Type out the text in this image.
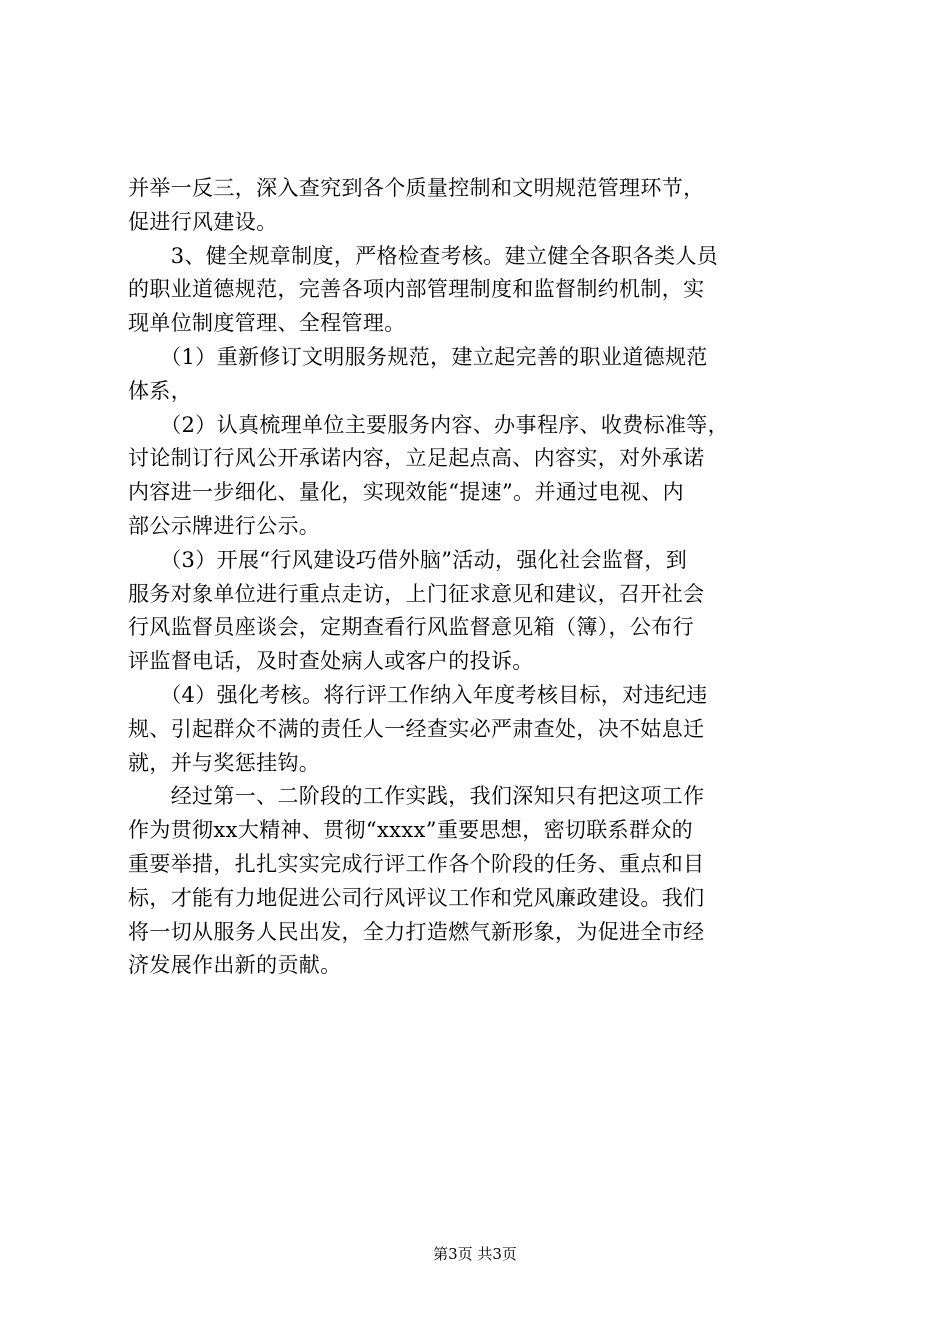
并举一反三，深入查究到各个质量控制和文明规范管理环节，
促进行风建设。
　　3、健全规章制度，严格检查考核。建立健全各职各类人员
的职业道德规范，完善各项内部管理制度和监督制约机制，实
现单位制度管理、全程管理。
　　（1）重新修订文明服务规范，建立起完善的职业道德规范
体系，
　　（2）认真梳理单位主要服务内容、办事程序、收费标准等，
讨论制订行风公开承诺内容，立足起点高、内容实，对外承诺
内容进一步细化、量化，实现效能“提速”。并通过电视、内
部公示牌进行公示。
　　（3）开展“行风建设巧借外脑”活动，强化社会监督，到
服务对象单位进行重点走访，上门征求意见和建议，召开社会
行风监督员座谈会，定期查看行风监督意见箱（簿），公布行
评监督电话，及时查处病人或客户的投诉。
　　（4）强化考核。将行评工作纳入年度考核目标，对违纪违
规、引起群众不满的责任人一经查实必严肃查处，决不姑息迁
就，并与奖惩挂钩。
　　经过第一、二阶段的工作实践，我们深知只有把这项工作
作为贯彻xx大精神、贯彻“xxxx”重要思想，密切联系群众的
重要举措，扎扎实实完成行评工作各个阶段的任务、重点和目
标，才能有力地促进公司行风评议工作和党风廉政建设。我们
将一切从服务人民出发，全力打造燃气新形象，为促进全市经
济发展作出新的贡献。
第3页 共3页
